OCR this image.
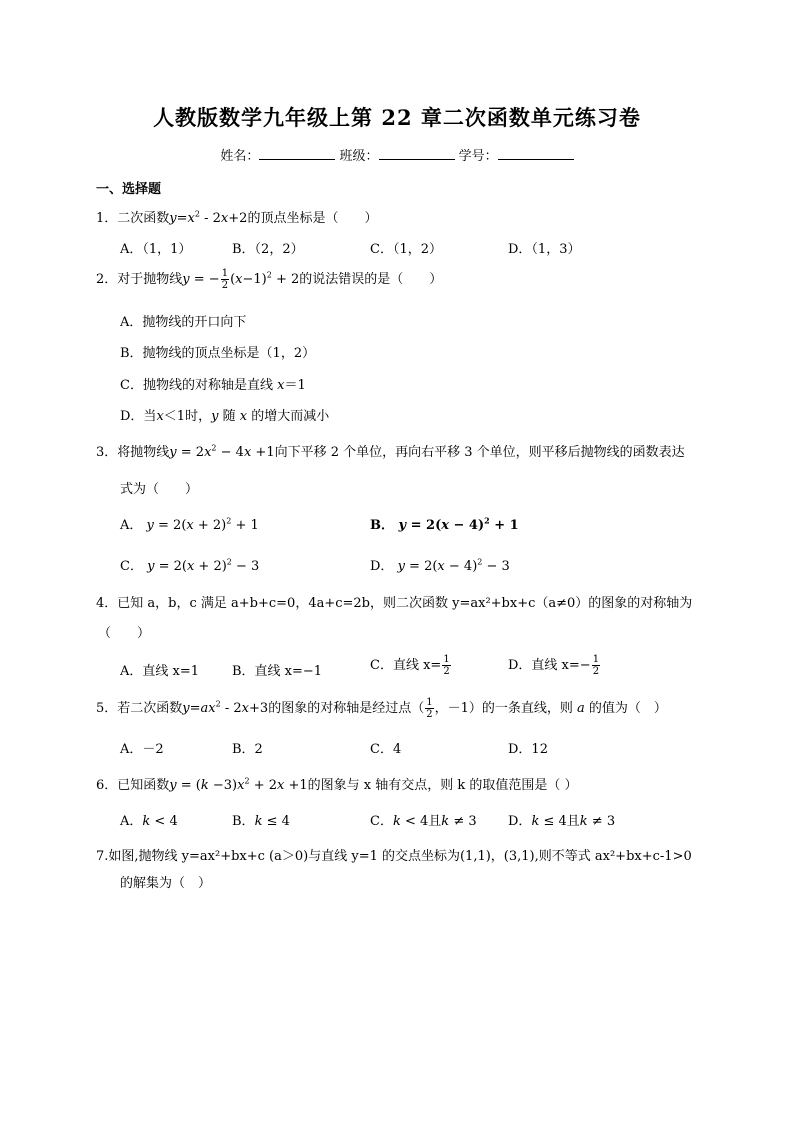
人教版数学九年级上第 22 章二次函数单元练习卷
姓名：	班级：	学号：
一、选择题
1．二次函数$y=x^2 - 2x+2$的顶点坐标是（　　）
A．（1，1）	B．（2，2）	C．（1，2）	D．（1，3）
2．对于抛物线y = − $\frac{1}{2} (x-1)^2 + 2$的说法错误的是（　　）
A．抛物线的开口向下
B．抛物线的顶点坐标是（1，2）
C．抛物线的对称轴是直线 x＝1
D．当x＜1时，y 随 x 的增大而减小
3．将抛物线$y = 2x^2 - 4x +1$向下平移 2 个单位，再向右平移 3 个单位，则平移后抛物线的函数表达
式为（　　）
A． $y = 2(x + 2)^2 + 1$	B． $y = 2(x - 4)^2 + 1$
C． $y = 2(x + 2)^2 - 3$	D． $y = 2(x - 4)^2 - 3$
4．已知 a，b，c 满足 a+b+c=0，4a+c=2b，则二次函数 y=ax²+bx+c（a≠0）的图象的对称轴为
（　　）
A．直线 x=1	B．直线 x=−1	C．直线 $x= \frac{1}{2}$	D．直线 $x=- \frac{1}{2}$
5．若二次函数$y=ax^2 - 2x+3$的图象的对称轴是经过点（ $\frac{1}{2}$ ，－1）的一条直线，则 a 的值为（　）
A．－2	B．2	C．4	D．12
6．已知函数$y = (k -3)x^2 + 2x +1$的图象与 x 轴有交点，则 k 的取值范围是（ ）
A．k < 4	B．k ≤ 4	C．k < 4且k ≠ 3 D．k ≤ 4且k ≠ 3
7.如图,抛物线 y=ax²+bx+c (a＞0)与直线 y=1 的交点坐标为(1,1)，(3,1),则不等式 ax²+bx+c-1>0
的解集为（　）
